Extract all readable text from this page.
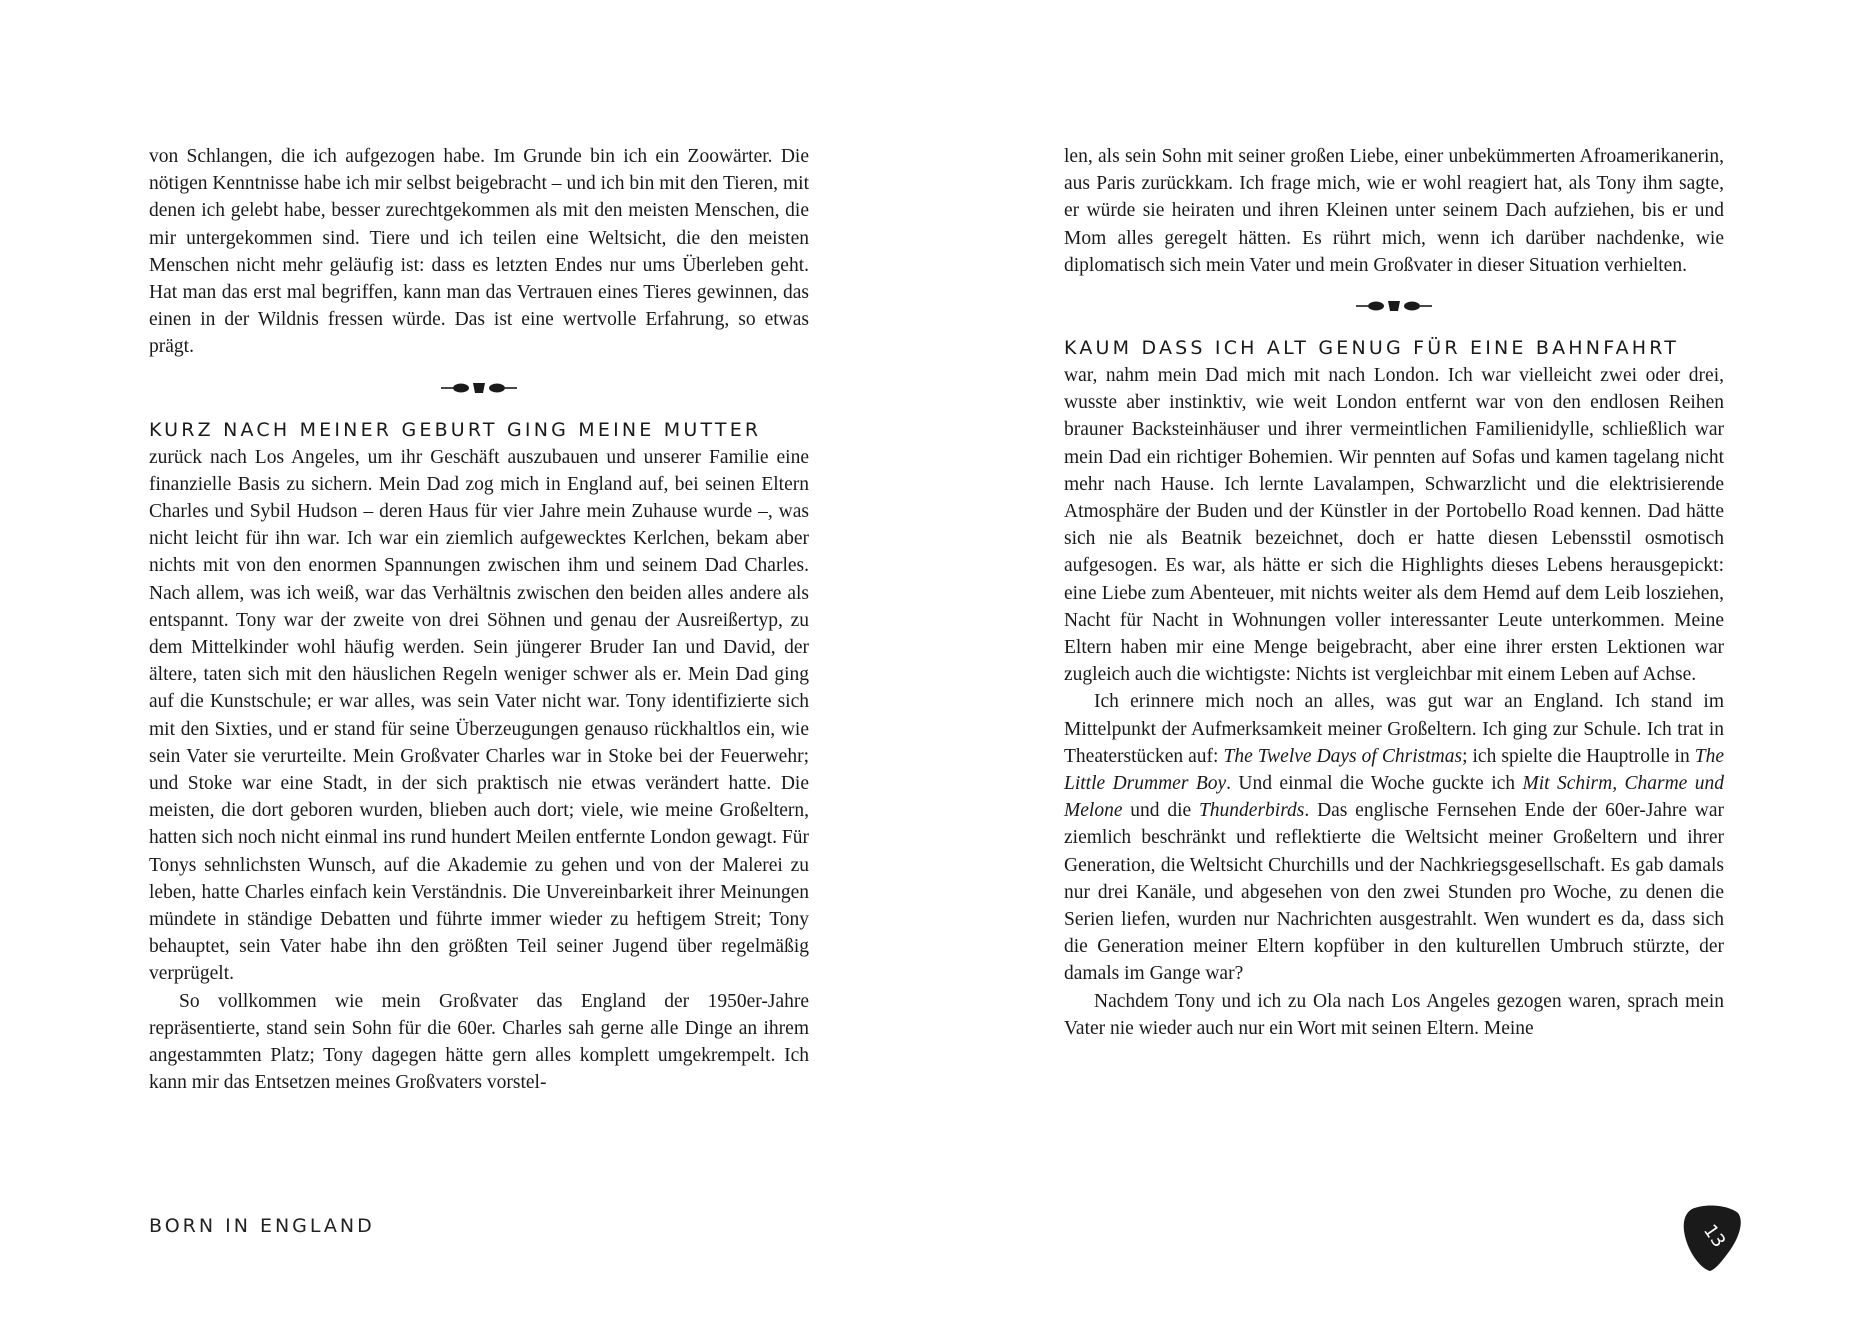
von Schlangen, die ich aufgezogen habe. Im Grunde bin ich ein Zoowärter. Die nötigen Kenntnisse habe ich mir selbst beigebracht – und ich bin mit den Tieren, mit denen ich gelebt habe, besser zurechtgekommen als mit den meisten Menschen, die mir untergekommen sind. Tiere und ich teilen eine Weltsicht, die den meisten Menschen nicht mehr geläufig ist: dass es letzten Endes nur ums Überleben geht. Hat man das erst mal begriffen, kann man das Vertrauen eines Tieres gewinnen, das einen in der Wildnis fressen würde. Das ist eine wertvolle Erfahrung, so etwas prägt.

KURZ NACH MEINER GEBURT GING MEINE MUTTER

zurück nach Los Angeles, um ihr Geschäft auszubauen und unserer Familie eine finanzielle Basis zu sichern. Mein Dad zog mich in England auf, bei seinen Eltern Charles und Sybil Hudson – deren Haus für vier Jahre mein Zuhause wurde –, was nicht leicht für ihn war. Ich war ein ziemlich aufgewecktes Kerlchen, bekam aber nichts mit von den enormen Spannungen zwischen ihm und seinem Dad Charles. Nach allem, was ich weiß, war das Verhältnis zwischen den beiden alles andere als entspannt. Tony war der zweite von drei Söhnen und genau der Ausreißertyp, zu dem Mittelkinder wohl häufig werden. Sein jüngerer Bruder Ian und David, der ältere, taten sich mit den häuslichen Regeln weniger schwer als er. Mein Dad ging auf die Kunstschule; er war alles, was sein Vater nicht war. Tony identifizierte sich mit den Sixties, und er stand für seine Überzeugungen genauso rückhaltlos ein, wie sein Vater sie verurteilte. Mein Großvater Charles war in Stoke bei der Feuerwehr; und Stoke war eine Stadt, in der sich praktisch nie etwas verändert hatte. Die meisten, die dort geboren wurden, blieben auch dort; viele, wie meine Großeltern, hatten sich noch nicht einmal ins rund hundert Meilen entfernte London gewagt. Für Tonys sehnlichsten Wunsch, auf die Akademie zu gehen und von der Malerei zu leben, hatte Charles einfach kein Verständnis. Die Unvereinbarkeit ihrer Meinungen mündete in ständige Debatten und führte immer wieder zu heftigem Streit; Tony behauptet, sein Vater habe ihn den größten Teil seiner Jugend über regelmäßig verprügelt.

So vollkommen wie mein Großvater das England der 1950er-Jahre repräsentierte, stand sein Sohn für die 60er. Charles sah gerne alle Dinge an ihrem angestammten Platz; Tony dagegen hätte gern alles komplett umgekrempelt. Ich kann mir das Entsetzen meines Großvaters vorstel-

BORN IN ENGLAND

len, als sein Sohn mit seiner großen Liebe, einer unbekümmerten Afroamerikanerin, aus Paris zurückkam. Ich frage mich, wie er wohl reagiert hat, als Tony ihm sagte, er würde sie heiraten und ihren Kleinen unter seinem Dach aufziehen, bis er und Mom alles geregelt hätten. Es rührt mich, wenn ich darüber nachdenke, wie diplomatisch sich mein Vater und mein Großvater in dieser Situation verhielten.

KAUM DASS ICH ALT GENUG FÜR EINE BAHNFAHRT

war, nahm mein Dad mich mit nach London. Ich war vielleicht zwei oder drei, wusste aber instinktiv, wie weit London entfernt war von den endlosen Reihen brauner Backsteinhäuser und ihrer vermeintlichen Familienidylle, schließlich war mein Dad ein richtiger Bohemien. Wir pennten auf Sofas und kamen tagelang nicht mehr nach Hause. Ich lernte Lavalampen, Schwarzlicht und die elektrisierende Atmosphäre der Buden und der Künstler in der Portobello Road kennen. Dad hätte sich nie als Beatnik bezeichnet, doch er hatte diesen Lebensstil osmotisch aufgesogen. Es war, als hätte er sich die Highlights dieses Lebens herausgepickt: eine Liebe zum Abenteuer, mit nichts weiter als dem Hemd auf dem Leib losziehen, Nacht für Nacht in Wohnungen voller interessanter Leute unterkommen. Meine Eltern haben mir eine Menge beigebracht, aber eine ihrer ersten Lektionen war zugleich auch die wichtigste: Nichts ist vergleichbar mit einem Leben auf Achse.

Ich erinnere mich noch an alles, was gut war an England. Ich stand im Mittelpunkt der Aufmerksamkeit meiner Großeltern. Ich ging zur Schule. Ich trat in Theaterstücken auf: The Twelve Days of Christmas; ich spielte die Hauptrolle in The Little Drummer Boy. Und einmal die Woche guckte ich Mit Schirm, Charme und Melone und die Thunderbirds. Das englische Fernsehen Ende der 60er-Jahre war ziemlich beschränkt und reflektierte die Weltsicht meiner Großeltern und ihrer Generation, die Weltsicht Churchills und der Nachkriegsgesellschaft. Es gab damals nur drei Kanäle, und abgesehen von den zwei Stunden pro Woche, zu denen die Serien liefen, wurden nur Nachrichten ausgestrahlt. Wen wundert es da, dass sich die Generation meiner Eltern kopfüber in den kulturellen Umbruch stürzte, der damals im Gange war?

Nachdem Tony und ich zu Ola nach Los Angeles gezogen waren, sprach mein Vater nie wieder auch nur ein Wort mit seinen Eltern. Meine

13
